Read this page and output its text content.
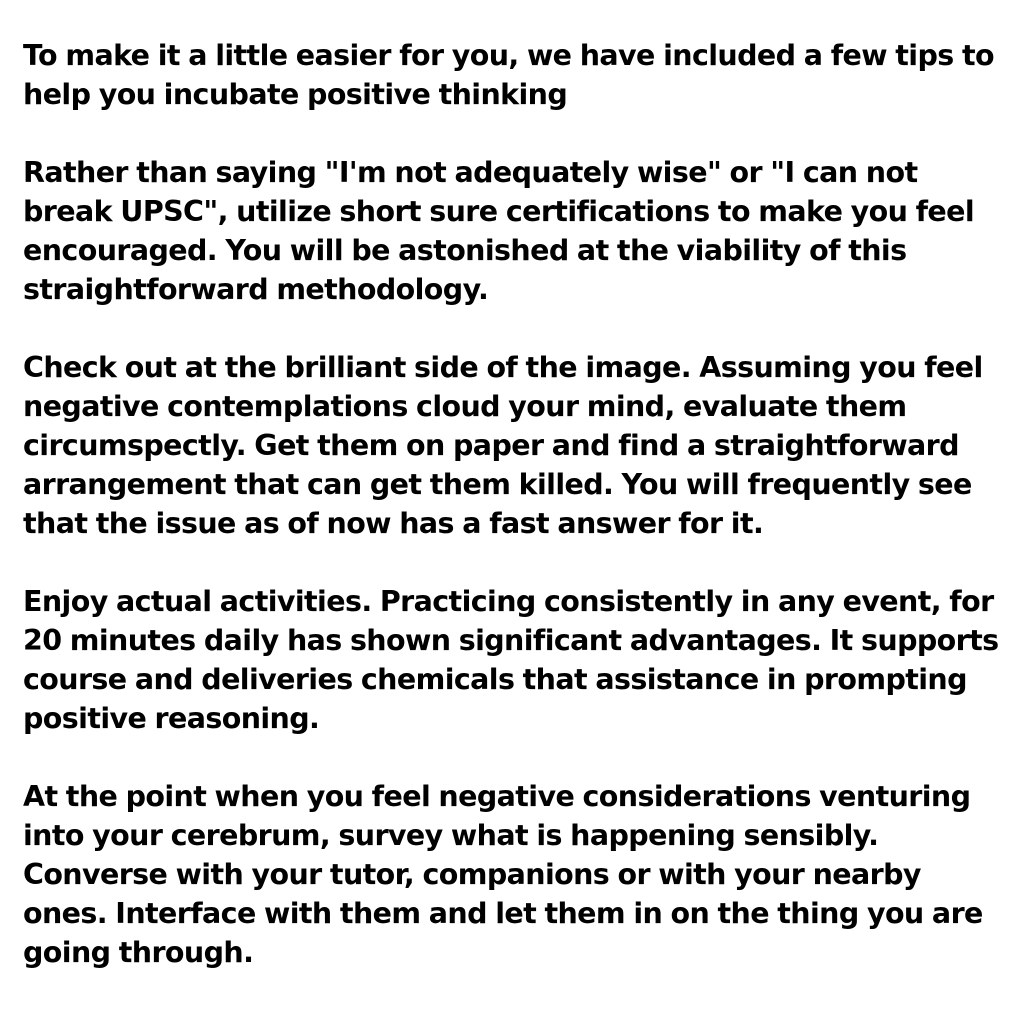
To make it a little easier for you, we have included a few tips to help you incubate positive thinking

Rather than saying "I'm not adequately wise" or "I can not break UPSC", utilize short sure certifications to make you feel encouraged. You will be astonished at the viability of this straightforward methodology.

Check out at the brilliant side of the image. Assuming you feel negative contemplations cloud your mind, evaluate them circumspectly. Get them on paper and find a straightforward arrangement that can get them killed. You will frequently see that the issue as of now has a fast answer for it.

Enjoy actual activities. Practicing consistently in any event, for 20 minutes daily has shown significant advantages. It supports course and deliveries chemicals that assistance in prompting positive reasoning.

At the point when you feel negative considerations venturing into your cerebrum, survey what is happening sensibly. Converse with your tutor, companions or with your nearby ones. Interface with them and let them in on the thing you are going through.
